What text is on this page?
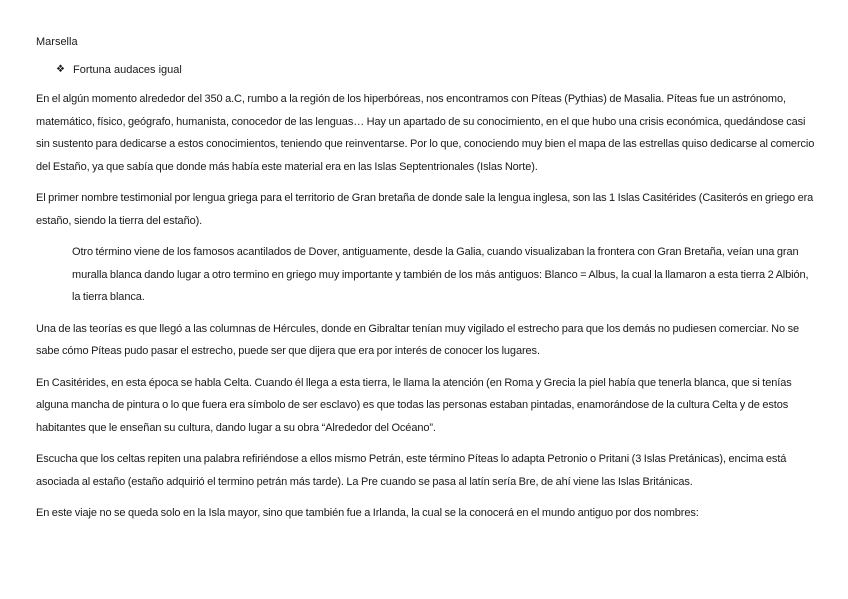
Marsella
❖ Fortuna audaces igual

En el algún momento alrededor del 350 a.C, rumbo a la región de los hiperbóreas, nos encontramos con Píteas (Pythias) de Masalia. Píteas fue un astrónomo, matemático, físico, geógrafo, humanista, conocedor de las lenguas… Hay un apartado de su conocimiento, en el que hubo una crisis económica, quedándose casi sin sustento para dedicarse a estos conocimientos, teniendo que reinventarse. Por lo que, conociendo muy bien el mapa de las estrellas quiso dedicarse al comercio del Estaño, ya que sabía que donde más había este material era en las Islas Septentrionales (Islas Norte).

El primer nombre testimonial por lengua griega para el territorio de Gran bretaña de donde sale la lengua inglesa, son las 1 Islas Casitérides (Casiterós en griego era estaño, siendo la tierra del estaño).

Otro término viene de los famosos acantilados de Dover, antiguamente, desde la Galia, cuando visualizaban la frontera con Gran Bretaña, veían una gran muralla blanca dando lugar a otro termino en griego muy importante y también de los más antiguos: Blanco = Albus, la cual la llamaron a esta tierra 2 Albión, la tierra blanca.

Una de las teorías es que llegó a las columnas de Hércules, donde en Gibraltar tenían muy vigilado el estrecho para que los demás no pudiesen comerciar. No se sabe cómo Píteas pudo pasar el estrecho, puede ser que dijera que era por interés de conocer los lugares.

En Casitérides, en esta época se habla Celta. Cuando él llega a esta tierra, le llama la atención (en Roma y Grecia la piel había que tenerla blanca, que si tenías alguna mancha de pintura o lo que fuera era símbolo de ser esclavo) es que todas las personas estaban pintadas, enamorándose de la cultura Celta y de estos habitantes que le enseñan su cultura, dando lugar a su obra “Alrededor del Océano”.

Escucha que los celtas repiten una palabra refiriéndose a ellos mismo Petrán, este término Píteas lo adapta Petronio o Pritani (3 Islas Pretánicas), encima está asociada al estaño (estaño adquirió el termino petrán más tarde). La Pre cuando se pasa al latín sería Bre, de ahí viene las Islas Británicas.

En este viaje no se queda solo en la Isla mayor, sino que también fue a Irlanda, la cual se la conocerá en el mundo antiguo por dos nombres:
